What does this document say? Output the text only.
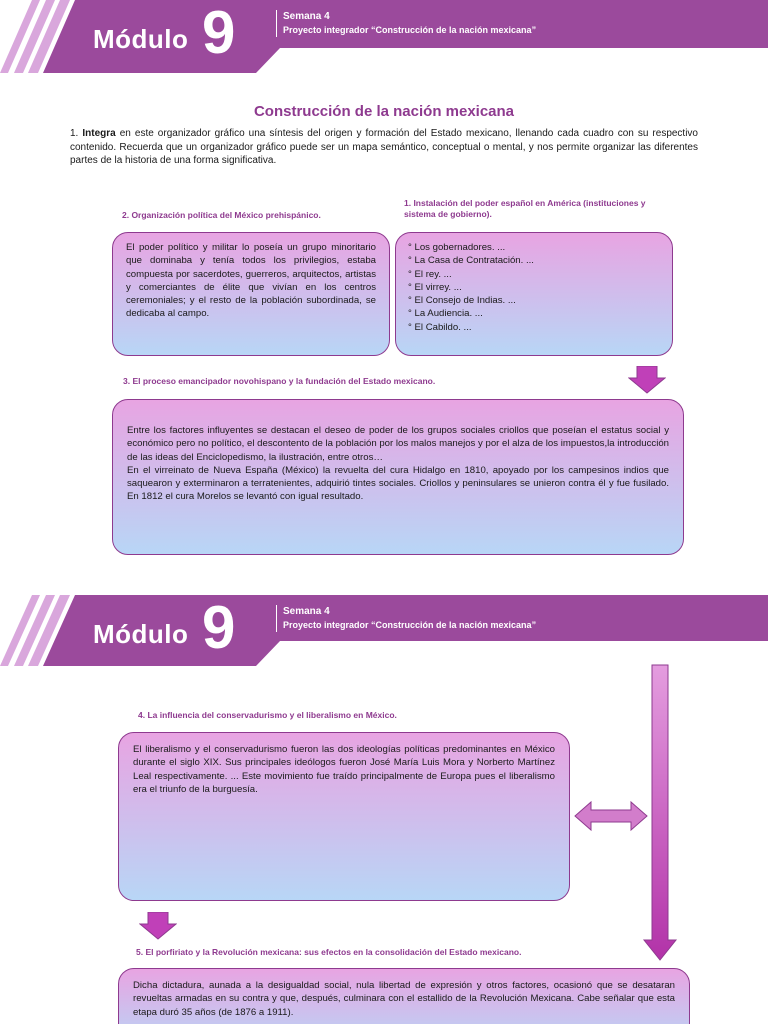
Módulo 9	Semana 4
Proyecto integrador “Construcción de la nación mexicana”
Construcción de la nación mexicana
1. Integra en este organizador gráfico una síntesis del origen y formación del Estado mexicano, llenando cada cuadro con su respectivo contenido. Recuerda que un organizador gráfico puede ser un mapa semántico, conceptual o mental, y nos permite organizar las diferentes partes de la historia de una forma significativa.
2. Organización política del México prehispánico.

El poder político y militar lo poseía un grupo minoritario que dominaba y tenía todos los privilegios, estaba compuesta por sacerdotes, guerreros, arquitectos, artistas y comerciantes de élite que vivían en los centros ceremoniales; y el resto de la población subordinada, se dedicaba al campo.

1. Instalación del poder español en América (instituciones y sistema de gobierno).
° Los gobernadores. ...
° La Casa de Contratación. ...
° El rey. ...
° El virrey. ...
° El Consejo de Indias. ...
° La Audiencia. ...
° El Cabildo. ...
3. El proceso emancipador novohispano y la fundación del Estado mexicano.

Entre los factores influyentes se destacan el deseo de poder de los grupos sociales criollos que poseían el estatus social y económico pero no político, el descontento de la población por los malos manejos y por el alza de los impuestos,la introducción de las ideas del Enciclopedismo, la ilustración, entre otros…

En el virreinato de Nueva España (México) la revuelta del cura Hidalgo en 1810, apoyado por los campesinos indios que saquearon y exterminaron a terratenientes, adquirió tintes sociales. Criollos y peninsulares se unieron contra él y fue fusilado. En 1812 el cura Morelos se levantó con igual resultado.

Módulo 9	Semana 4
Proyecto integrador “Construcción de la nación mexicana”
4. La influencia del conservadurismo y el liberalismo en México.

El liberalismo y el conservadurismo fueron las dos ideologías políticas predominantes en México durante el siglo XIX. Sus principales ideólogos fueron José María Luis Mora y Norberto Martínez Leal respectivamente. ... Este movimiento fue traído principalmente de Europa pues el liberalismo era el triunfo de la burguesía.

5. El porfiriato y la Revolución mexicana: sus efectos en la consolidación del Estado mexicano.

Dicha dictadura, aunada a la desigualdad social, nula libertad de expresión y otros factores, ocasionó que se desataran revueltas armadas en su contra y que, después, culminara con el estallido de la Revolución Mexicana. Cabe señalar que esta etapa duró 35 años (de 1876 a 1911).
